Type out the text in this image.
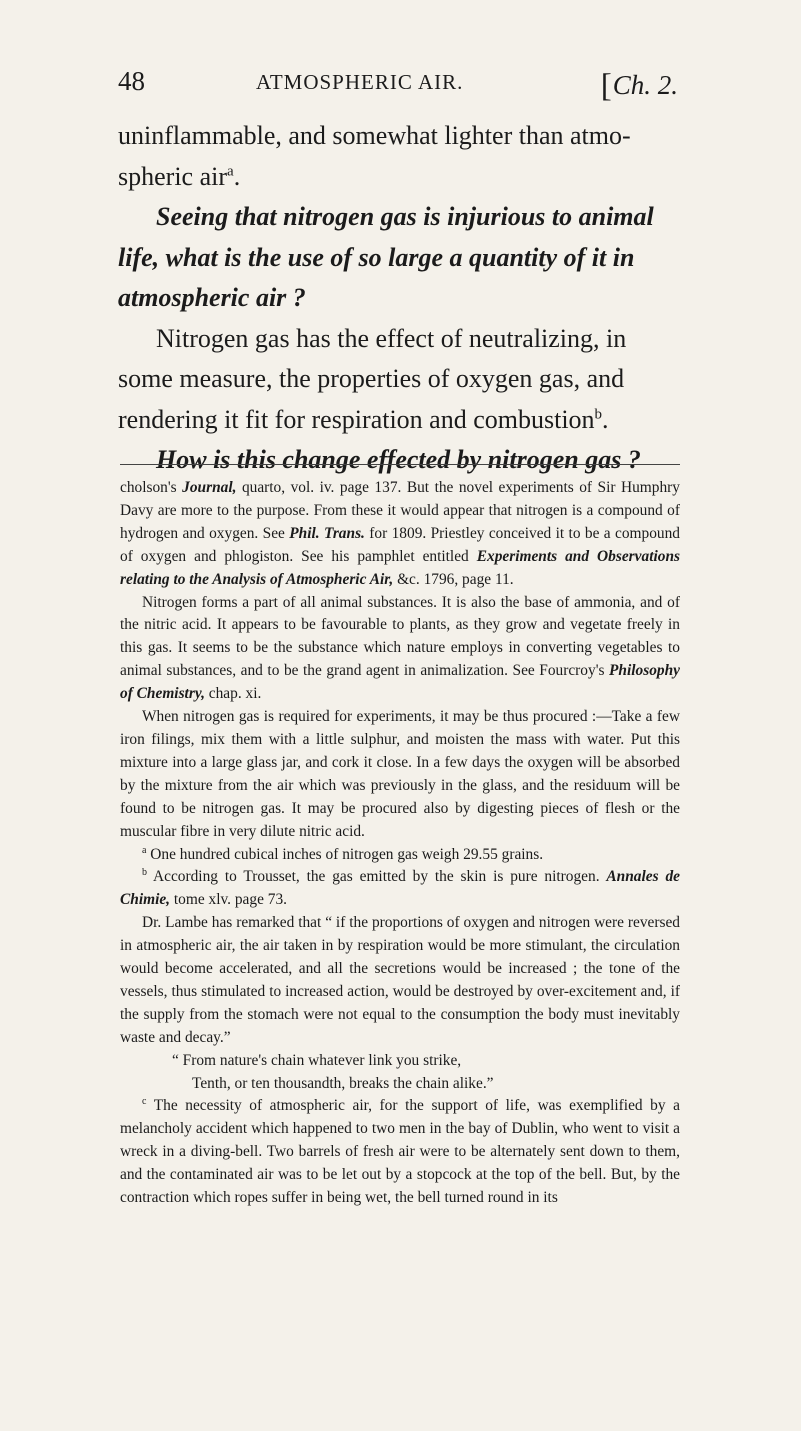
48	ATMOSPHERIC AIR.	[Ch. 2.

uninflammable, and somewhat lighter than atmo-
spheric air$^a$.

Seeing that nitrogen gas is injurious to animal life, what is the use of so large a quantity of it in atmospheric air ?

Nitrogen gas has the effect of neutralizing, in some measure, the properties of oxygen gas, and rendering it fit for respiration and combustion$^b$.

How is this change effected by nitrogen gas ?

cholson's Journal, quarto, vol. iv. page 137. But the novel experiments of Sir Humphry Davy are more to the purpose. From these it would appear that nitrogen is a compound of hydrogen and oxygen. See Phil. Trans. for 1809. Priestley conceived it to be a compound of oxygen and phlogiston. See his pamphlet entitled Experiments and Observations relating to the Analysis of Atmospheric Air, &c. 1796, page 11.

Nitrogen forms a part of all animal substances. It is also the base of ammonia, and of the nitric acid. It appears to be favourable to plants, as they grow and vegetate freely in this gas. It seems to be the substance which nature employs in converting vegetables to animal substances, and to be the grand agent in animalization. See Fourcroy's Philosophy of Chemistry, chap. xi.

When nitrogen gas is required for experiments, it may be thus procured :—Take a few iron filings, mix them with a little sulphur, and moisten the mass with water. Put this mixture into a large glass jar, and cork it close. In a few days the oxygen will be absorbed by the mixture from the air which was previously in the glass, and the residuum will be found to be nitrogen gas. It may be procured also by digesting pieces of flesh or the muscular fibre in very dilute nitric acid.

$^a$ One hundred cubical inches of nitrogen gas weigh 29.55 grains.

$^b$ According to Trousset, the gas emitted by the skin is pure nitrogen. Annales de Chimie, tome xlv. page 73.

Dr. Lambe has remarked that “ if the proportions of oxygen and nitrogen were reversed in atmospheric air, the air taken in by respiration would be more stimulant, the circulation would become accelerated, and all the secretions would be increased ; the tone of the vessels, thus stimulated to increased action, would be destroyed by over-excitement and, if the supply from the stomach were not equal to the consumption the body must inevitably waste and decay.”

“ From nature's chain whatever link you strike,

Tenth, or ten thousandth, breaks the chain alike.”

$^c$ The necessity of atmospheric air, for the support of life, was exemplified by a melancholy accident which happened to two men in the bay of Dublin, who went to visit a wreck in a diving-bell. Two barrels of fresh air were to be alternately sent down to them, and the contaminated air was to be let out by a stopcock at the top of the bell. But, by the contraction which ropes suffer in being wet, the bell turned round in its
